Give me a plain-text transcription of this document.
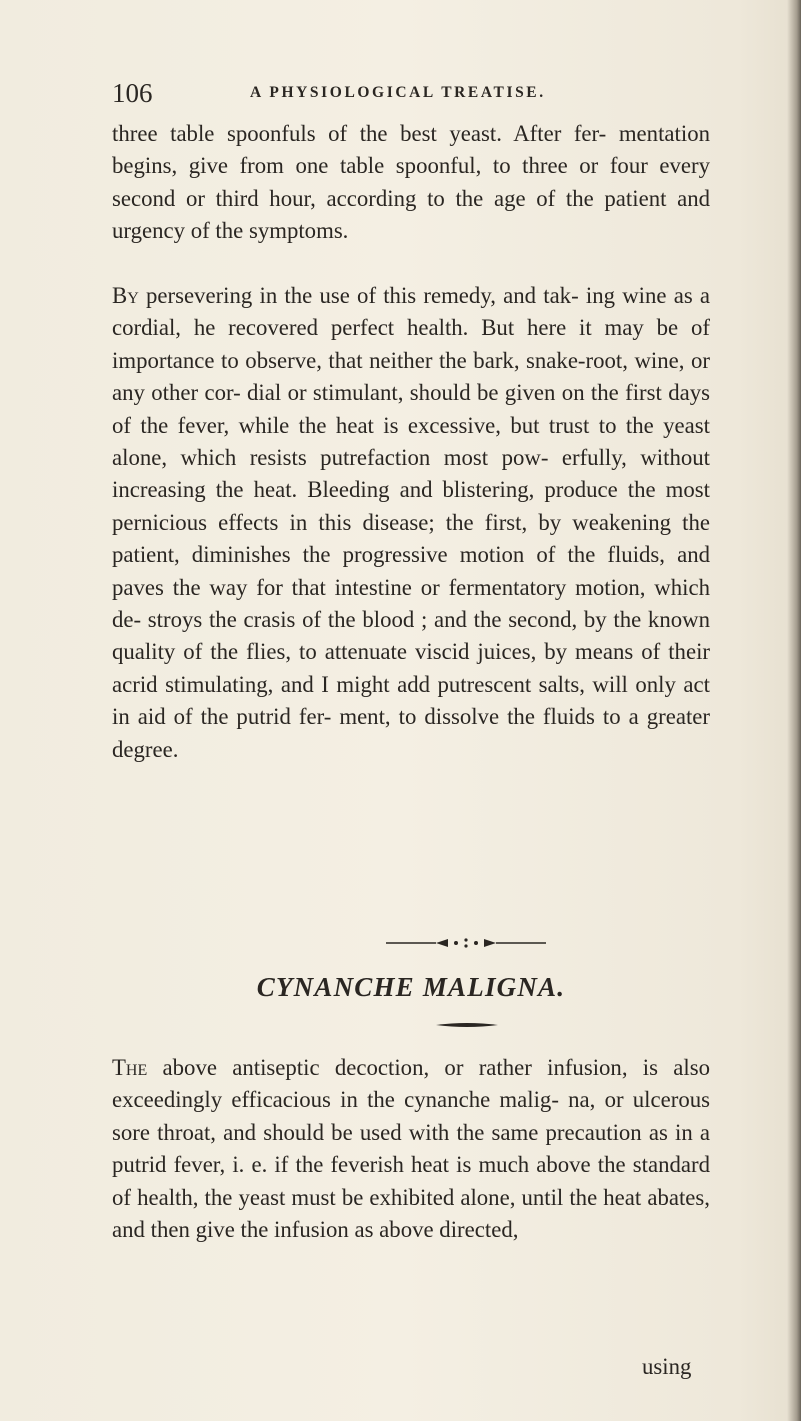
106	A PHYSIOLOGICAL TREATISE.

three table spoonfuls of the best yeast. After fer- mentation begins, give from one table spoonful, to three or four every second or third hour, according to the age of the patient and urgency of the symptoms.

By persevering in the use of this remedy, and tak- ing wine as a cordial, he recovered perfect health. But here it may be of importance to observe, that neither the bark, snake-root, wine, or any other cor- dial or stimulant, should be given on the first days of the fever, while the heat is excessive, but trust to the yeast alone, which resists putrefaction most pow- erfully, without increasing the heat. Bleeding and blistering, produce the most pernicious effects in this disease; the first, by weakening the patient, diminishes the progressive motion of the fluids, and paves the way for that intestine or fermentatory motion, which de- stroys the crasis of the blood ; and the second, by the known quality of the flies, to attenuate viscid juices, by means of their acrid stimulating, and I might add putrescent salts, will only act in aid of the putrid fer- ment, to dissolve the fluids to a greater degree.

CYNANCHE MALIGNA.

The above antiseptic decoction, or rather infusion, is also exceedingly efficacious in the cynanche malig- na, or ulcerous sore throat, and should be used with the same precaution as in a putrid fever, i. e. if the feverish heat is much above the standard of health, the yeast must be exhibited alone, until the heat abates, and then give the infusion as above directed,

using
